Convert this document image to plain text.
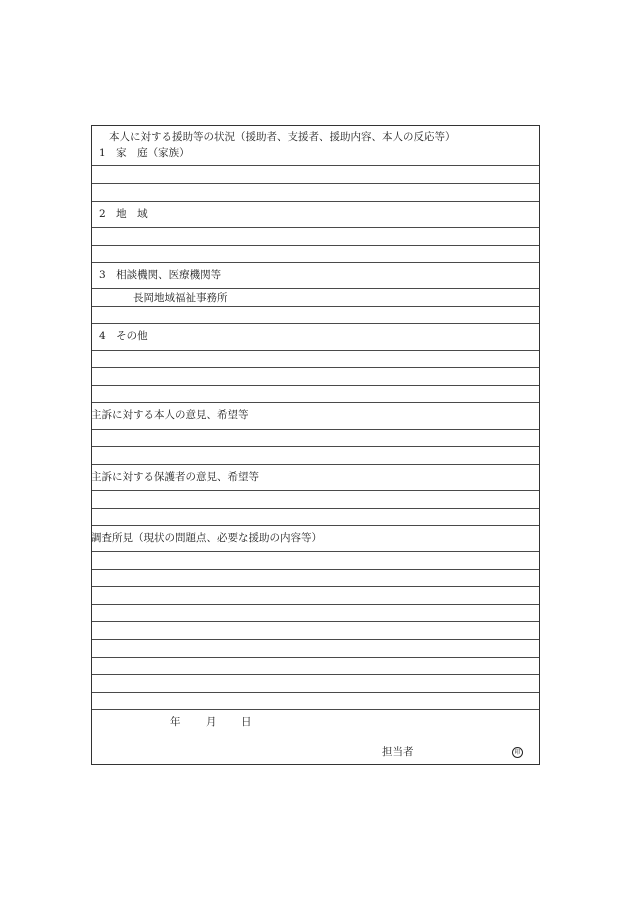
本人に対する援助等の状況（援助者、支援者、援助内容、本人の反応等）
1　家　庭（家族）
2　地　域
3　相談機関、医療機関等
長岡地域福祉事務所
4　その他
主訴に対する本人の意見、希望等
主訴に対する保護者の意見、希望等
調査所見（現状の問題点、必要な援助の内容等）
年 月 日
担当者	印
